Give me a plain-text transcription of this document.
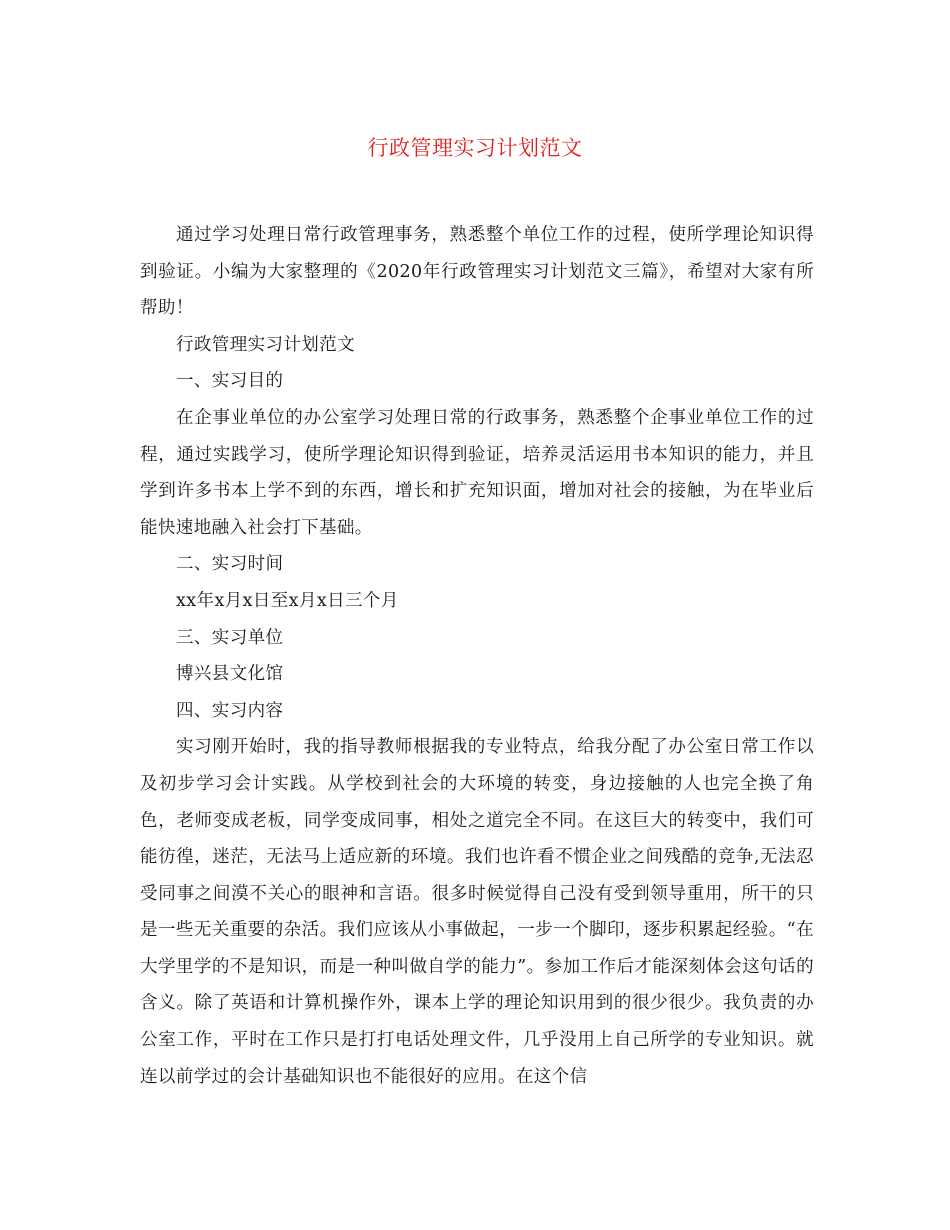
行政管理实习计划范文

通过学习处理日常行政管理事务，熟悉整个单位工作的过程，使所学理论知识得到验证。小编为大家整理的《2020年行政管理实习计划范文三篇》，希望对大家有所帮助！

行政管理实习计划范文

一、实习目的

在企事业单位的办公室学习处理日常的行政事务，熟悉整个企事业单位工作的过程，通过实践学习，使所学理论知识得到验证，培养灵活运用书本知识的能力，并且学到许多书本上学不到的东西，增长和扩充知识面，增加对社会的接触，为在毕业后能快速地融入社会打下基础。

二、实习时间

xx年x月x日至x月x日三个月

三、实习单位

博兴县文化馆

四、实习内容

实习刚开始时，我的指导教师根据我的专业特点，给我分配了办公室日常工作以及初步学习会计实践。从学校到社会的大环境的转变，身边接触的人也完全换了角色，老师变成老板，同学变成同事，相处之道完全不同。在这巨大的转变中，我们可能彷徨，迷茫，无法马上适应新的环境。我们也许看不惯企业之间残酷的竞争,无法忍受同事之间漠不关心的眼神和言语。很多时候觉得自己没有受到领导重用，所干的只是一些无关重要的杂活。我们应该从小事做起，一步一个脚印，逐步积累起经验。“在大学里学的不是知识，而是一种叫做自学的能力”。参加工作后才能深刻体会这句话的含义。除了英语和计算机操作外，课本上学的理论知识用到的很少很少。我负责的办公室工作，平时在工作只是打打电话处理文件，几乎没用上自己所学的专业知识。就连以前学过的会计基础知识也不能很好的应用。在这个信
